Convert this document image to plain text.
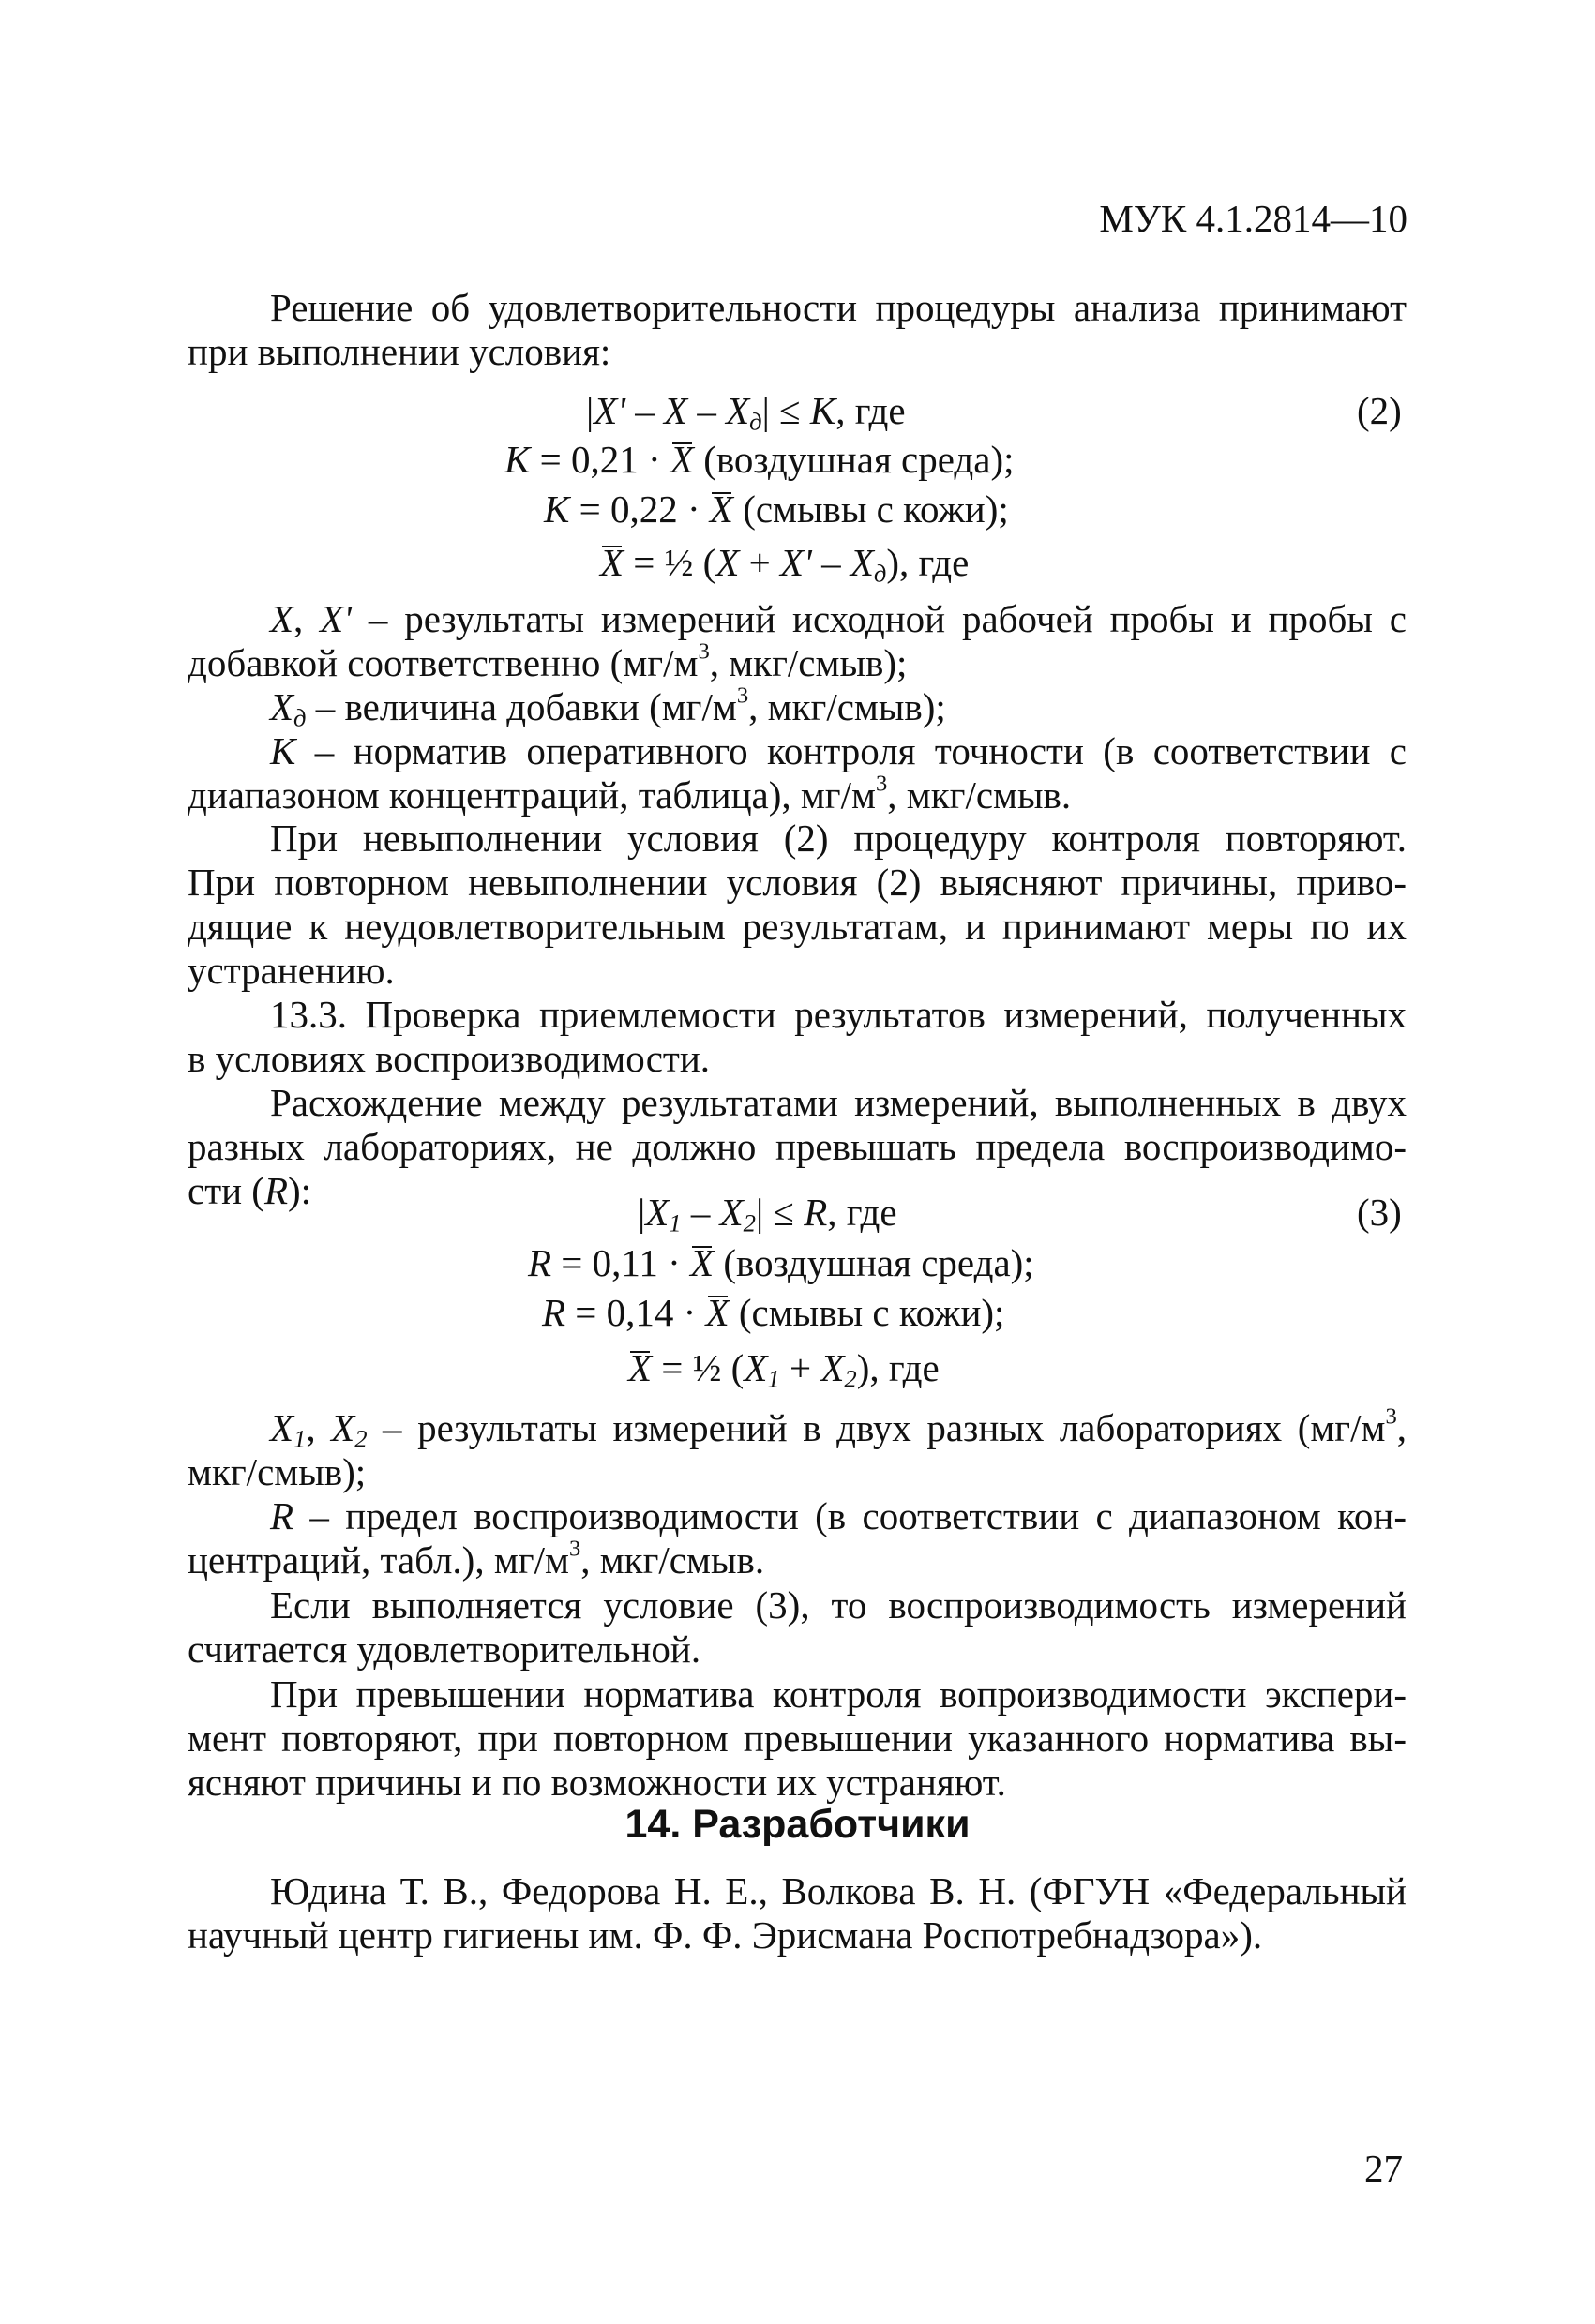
МУК 4.1.2814—10
Решение об удовлетворительности процедуры анализа принимают
при выполнении условия:
$|X' - X - X_д| \le K$, где	(2)
K = 0,21 · X (воздушная среда);
K = 0,22 · X (смывы с кожи);
X = ½ $(X + X' - X_д)$, где
X, X' – результаты измерений исходной рабочей пробы и пробы с
добавкой соответственно ($мг/м^3$, мкг/смыв);
$X_д$ – величина добавки ($мг/м^3$, мкг/смыв);
K – норматив оперативного контроля точности (в соответствии с
диапазоном концентраций, таблица), $мг/м^3$, мкг/смыв.
При невыполнении условия (2) процедуру контроля повторяют.
При повторном невыполнении условия (2) выясняют причины, приво-
дящие к неудовлетворительным результатам, и принимают меры по их
устранению.
13.3. Проверка приемлемости результатов измерений, полученных
в условиях воспроизводимости.
Расхождение между результатами измерений, выполненных в двух
разных лабораториях, не должно превышать предела воспроизводимо-
сти (R):	$|X_1 - X_2| \le R$, где	(3)
R = 0,11 · X (воздушная среда);
R = 0,14 · X (смывы с кожи);
X = ½ $(X_1 + X_2)$, где
$X_1$, $X_2$ – результаты измерений в двух разных лабораториях ($мг/м^3$,
мкг/смыв);
R – предел воспроизводимости (в соответствии с диапазоном кон-
центраций, табл.), $мг/м^3$, мкг/смыв.
Если выполняется условие (3), то воспроизводимость измерений
считается удовлетворительной.
При превышении норматива контроля вопроизводимости экспери-
мент повторяют, при повторном превышении указанного норматива вы-
ясняют причины и по возможности их устраняют.
14. Разработчики
Юдина Т. В., Федорова Н. Е., Волкова В. Н. (ФГУН «Федеральный
научный центр гигиены им. Ф. Ф. Эрисмана Роспотребнадзора»).
27
